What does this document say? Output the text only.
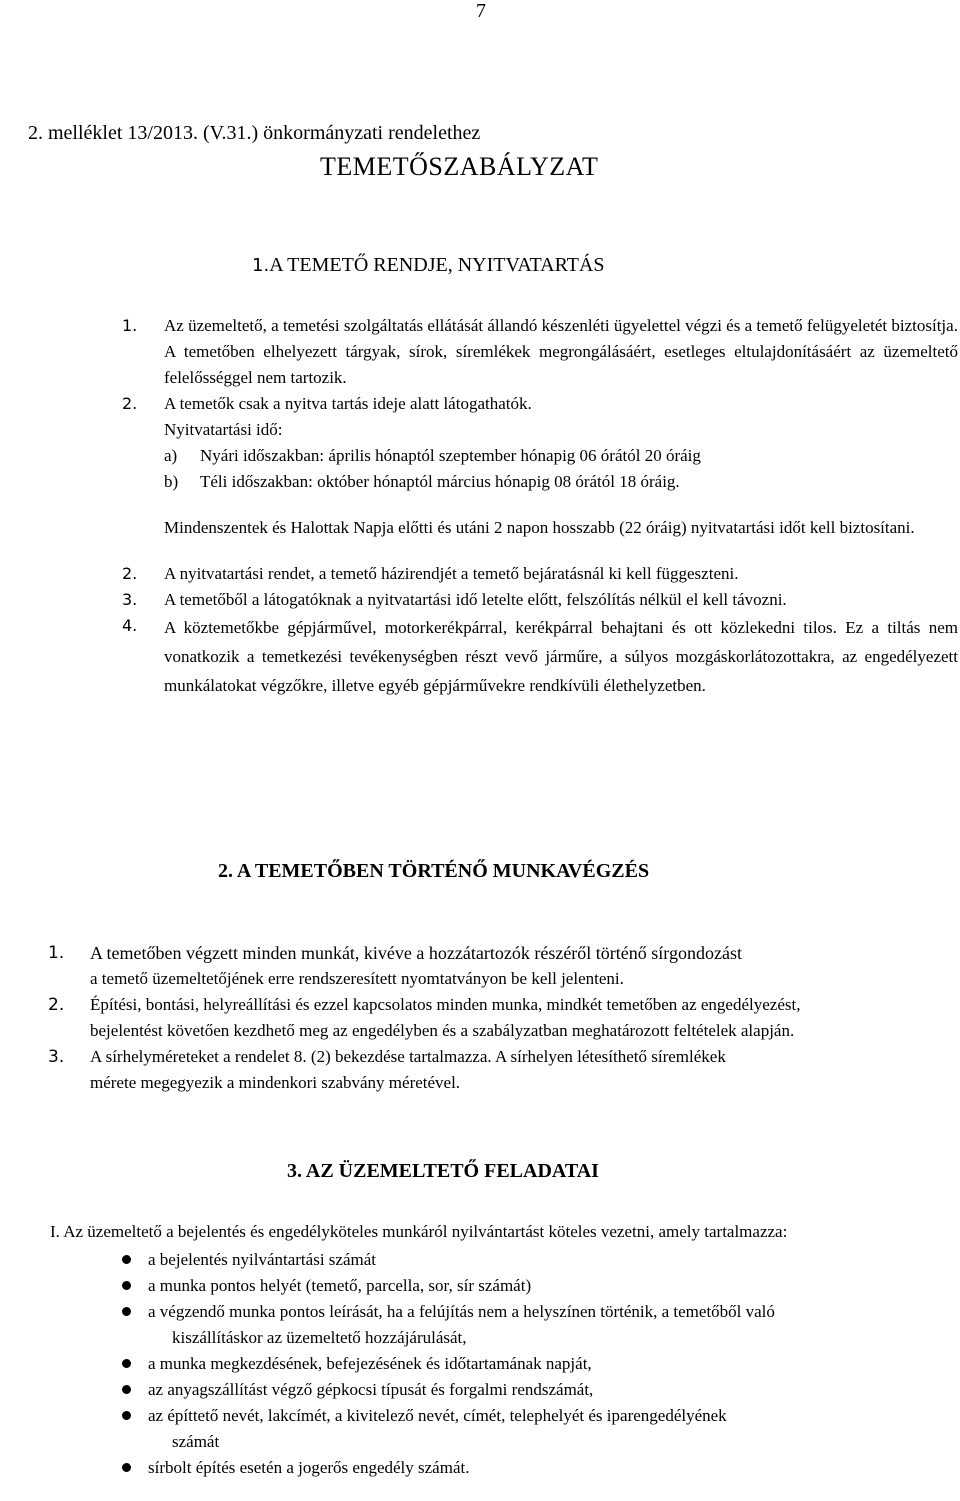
7
2. melléklet 13/2013. (V.31.) önkormányzati rendelethez
TEMETŐSZABÁLYZAT
1.A TEMETŐ RENDJE, NYITVATARTÁS
1.	Az üzemeltető, a temetési szolgáltatás ellátását állandó készenléti ügyelettel végzi és a temető felügyeletét biztosítja.
A temetőben elhelyezett tárgyak, sírok, síremlékek megrongálásáért, esetleges eltulajdonításáért az üzemeltető felelősséggel nem tartozik.
2.	A temetők csak a nyitva tartás ideje alatt látogathatók.
Nyitvatartási idő:
a)	Nyári időszakban: április hónaptól szeptember hónapig 06 órától 20 óráig
b)	Téli időszakban: október hónaptól március hónapig 08 órától 18 óráig.
Mindenszentek és Halottak Napja előtti és utáni 2 napon hosszabb (22 óráig) nyitvatartási időt kell biztosítani.
2.	A nyitvatartási rendet, a temető házirendjét a temető bejáratásnál ki kell függeszteni.
3.	A temetőből a látogatóknak a nyitvatartási idő letelte előtt, felszólítás nélkül el kell távozni.
4.	A köztemetőkbe gépjárművel, motorkerékpárral, kerékpárral behajtani és ott közlekedni tilos. Ez a tiltás nem vonatkozik a temetkezési tevékenységben részt vevő járműre, a súlyos mozgáskorlátozottakra, az engedélyezett munkálatokat végzőkre, illetve egyéb gépjárművekre rendkívüli élethelyzetben.
2. A TEMETŐBEN TÖRTÉNŐ MUNKAVÉGZÉS
1.	A temetőben végzett minden munkát, kivéve a hozzátartozók részéről történő sírgondozást
a temető üzemeltetőjének erre rendszeresített nyomtatványon be kell jelenteni.
2.	Építési, bontási, helyreállítási és ezzel kapcsolatos minden munka, mindkét temetőben az engedélyezést,
bejelentést követően kezdhető meg az engedélyben és a szabályzatban meghatározott feltételek alapján.
3.	A sírhelyméreteket a rendelet 8. (2) bekezdése tartalmazza. A sírhelyen létesíthető síremlékek
mérete megegyezik a mindenkori szabvány méretével.
3. AZ ÜZEMELTETŐ FELADATAI
I. Az üzemeltető a bejelentés és engedélyköteles munkáról nyilvántartást köteles vezetni, amely tartalmazza:
a bejelentés nyilvántartási számát
a munka pontos helyét (temető, parcella, sor, sír számát)
a végzendő munka pontos leírását, ha a felújítás nem a helyszínen történik, a temetőből való
kiszállításkor az üzemeltető hozzájárulását,
a munka megkezdésének, befejezésének és időtartamának napját,
az anyagszállítást végző gépkocsi típusát és forgalmi rendszámát,
az építtető nevét, lakcímét, a kivitelező nevét, címét, telephelyét és iparengedélyének
számát
sírbolt építés esetén a jogerős engedély számát.
